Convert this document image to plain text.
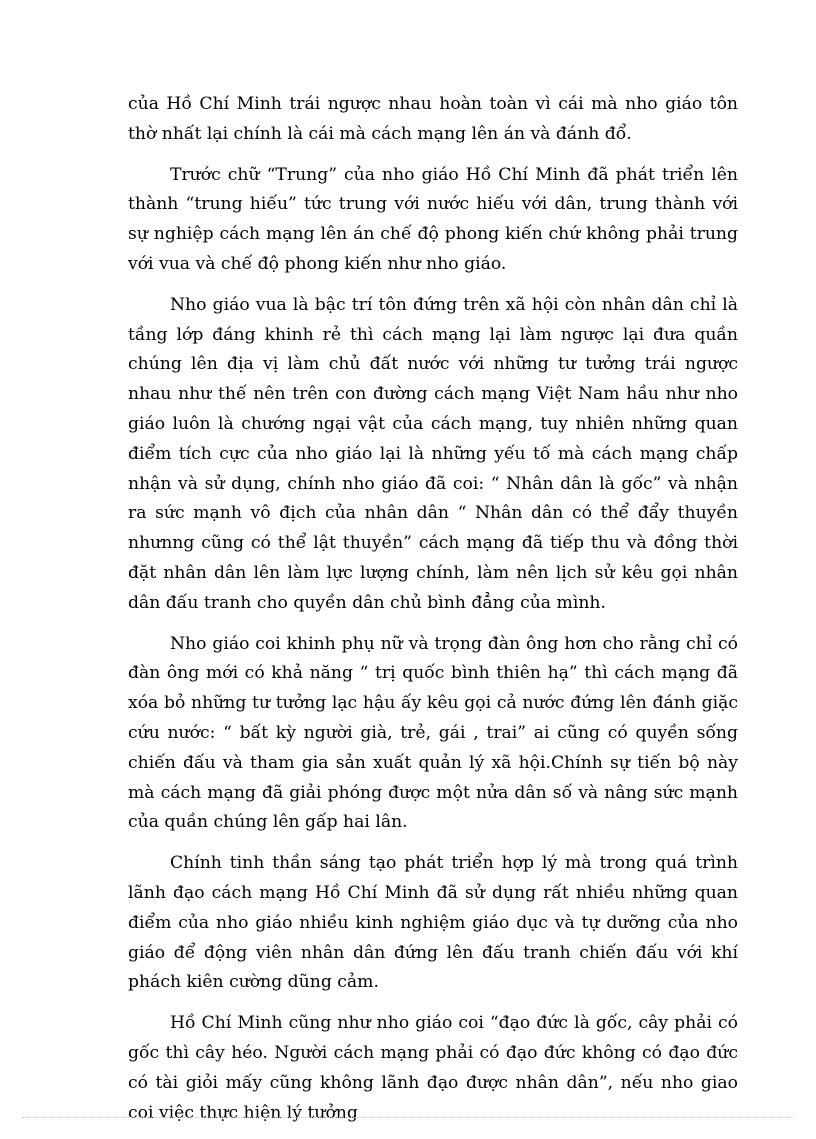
của Hồ Chí Minh trái ngược nhau hoàn toàn vì cái mà nho giáo tôn thờ nhất lại chính là cái mà cách mạng lên án và đánh đổ.

Trước chữ “Trung” của nho giáo Hồ Chí Minh đã phát triển lên thành “trung hiếu” tức trung với nước hiếu với dân, trung thành với sự nghiệp cách mạng lên án chế độ phong kiến chứ không phải trung với vua và chế độ phong kiến như nho giáo.

Nho giáo vua là bậc trí tôn đứng trên xã hội còn nhân dân chỉ là tầng lớp đáng khinh rẻ thì cách mạng lại làm ngược lại đưa quần chúng lên địa vị làm chủ đất nước với những tư tưởng trái ngược nhau như thế nên trên con đường cách mạng Việt Nam hầu như nho giáo luôn là chướng ngại vật của cách mạng, tuy nhiên những quan điểm tích cực của nho giáo lại là những yếu tố mà cách mạng chấp nhận và sử dụng, chính nho giáo đã coi: “ Nhân dân là gốc” và nhận ra sức mạnh vô địch của nhân dân “ Nhân dân có thể đẩy thuyền nhưnng cũng có thể lật thuyền” cách mạng đã tiếp thu và đồng thời đặt nhân dân lên làm lực lượng chính, làm nên lịch sử kêu gọi nhân dân đấu tranh cho quyền dân chủ bình đẳng của mình.

Nho giáo coi khinh phụ nữ và trọng đàn ông hơn cho rằng chỉ có đàn ông mới có khả năng “ trị quốc bình thiên hạ” thì cách mạng đã xóa bỏ những tư tưởng lạc hậu ấy kêu gọi cả nước đứng lên đánh giặc cứu nước: “ bất kỳ người già, trẻ, gái , trai” ai cũng có quyền sống chiến đấu và tham gia sản xuất quản lý xã hội.Chính sự tiến bộ này mà cách mạng đã giải phóng được một nửa dân số và nâng sức mạnh của quần chúng lên gấp hai lân.

Chính tinh thần sáng tạo phát triển hợp lý mà trong quá trình lãnh đạo cách mạng Hồ Chí Minh đã sử dụng rất nhiều những quan điểm của nho giáo nhiều kinh nghiệm giáo dục và tự dưỡng của nho giáo để động viên nhân dân đứng lên đấu tranh chiến đấu với khí phách kiên cường dũng cảm.

Hồ Chí Minh cũng như nho giáo coi “đạo đức là gốc, cây phải có gốc thì cây héo. Người cách mạng phải có đạo đức không có đạo đức có tài giỏi mấy cũng không lãnh đạo được nhân dân”, nếu nho giao coi việc thực hiện lý tưởng
